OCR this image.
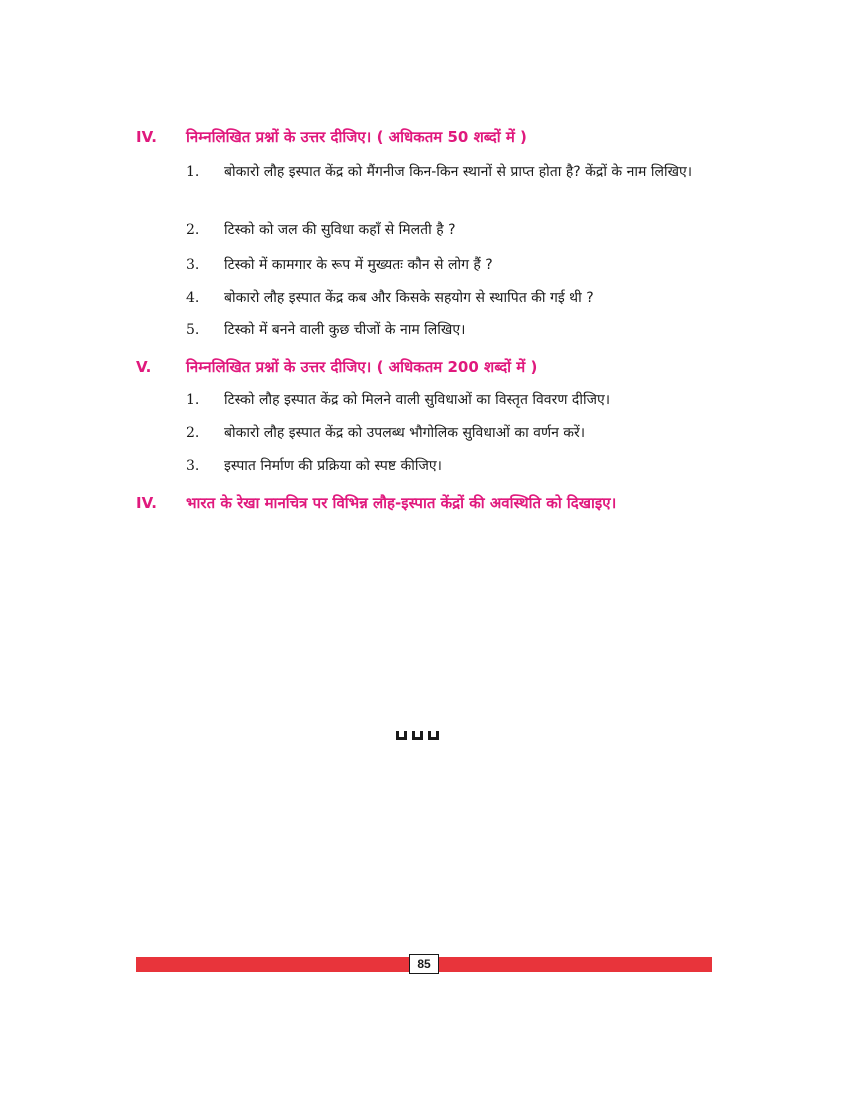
IV.	निम्नलिखित प्रश्नों के उत्तर दीजिए। ( अधिकतम 50 शब्दों में )
1.	बोकारो लौह इस्पात केंद्र को मैंगनीज किन-किन स्थानों से प्राप्त होता है? केंद्रों के नाम लिखिए।
2.	टिस्को को जल की सुविधा कहाँ से मिलती है ?
3.	टिस्को में कामगार के रूप में मुख्यतः कौन से लोग हैं ?
4.	बोकारो लौह इस्पात केंद्र कब और किसके सहयोग से स्थापित की गई थी ?
5.	टिस्को में बनने वाली कुछ चीजों के नाम लिखिए।
V.	निम्नलिखित प्रश्नों के उत्तर दीजिए। ( अधिकतम 200 शब्दों में )
1.	टिस्को लौह इस्पात केंद्र को मिलने वाली सुविधाओं का विस्तृत विवरण दीजिए।
2.	बोकारो लौह इस्पात केंद्र को उपलब्ध भौगोलिक सुविधाओं का वर्णन करें।
3.	इस्पात निर्माण की प्रक्रिया को स्पष्ट कीजिए।
IV.	भारत के रेखा मानचित्र पर विभिन्न लौह-इस्पात केंद्रों की अवस्थिति को दिखाइए।
85
